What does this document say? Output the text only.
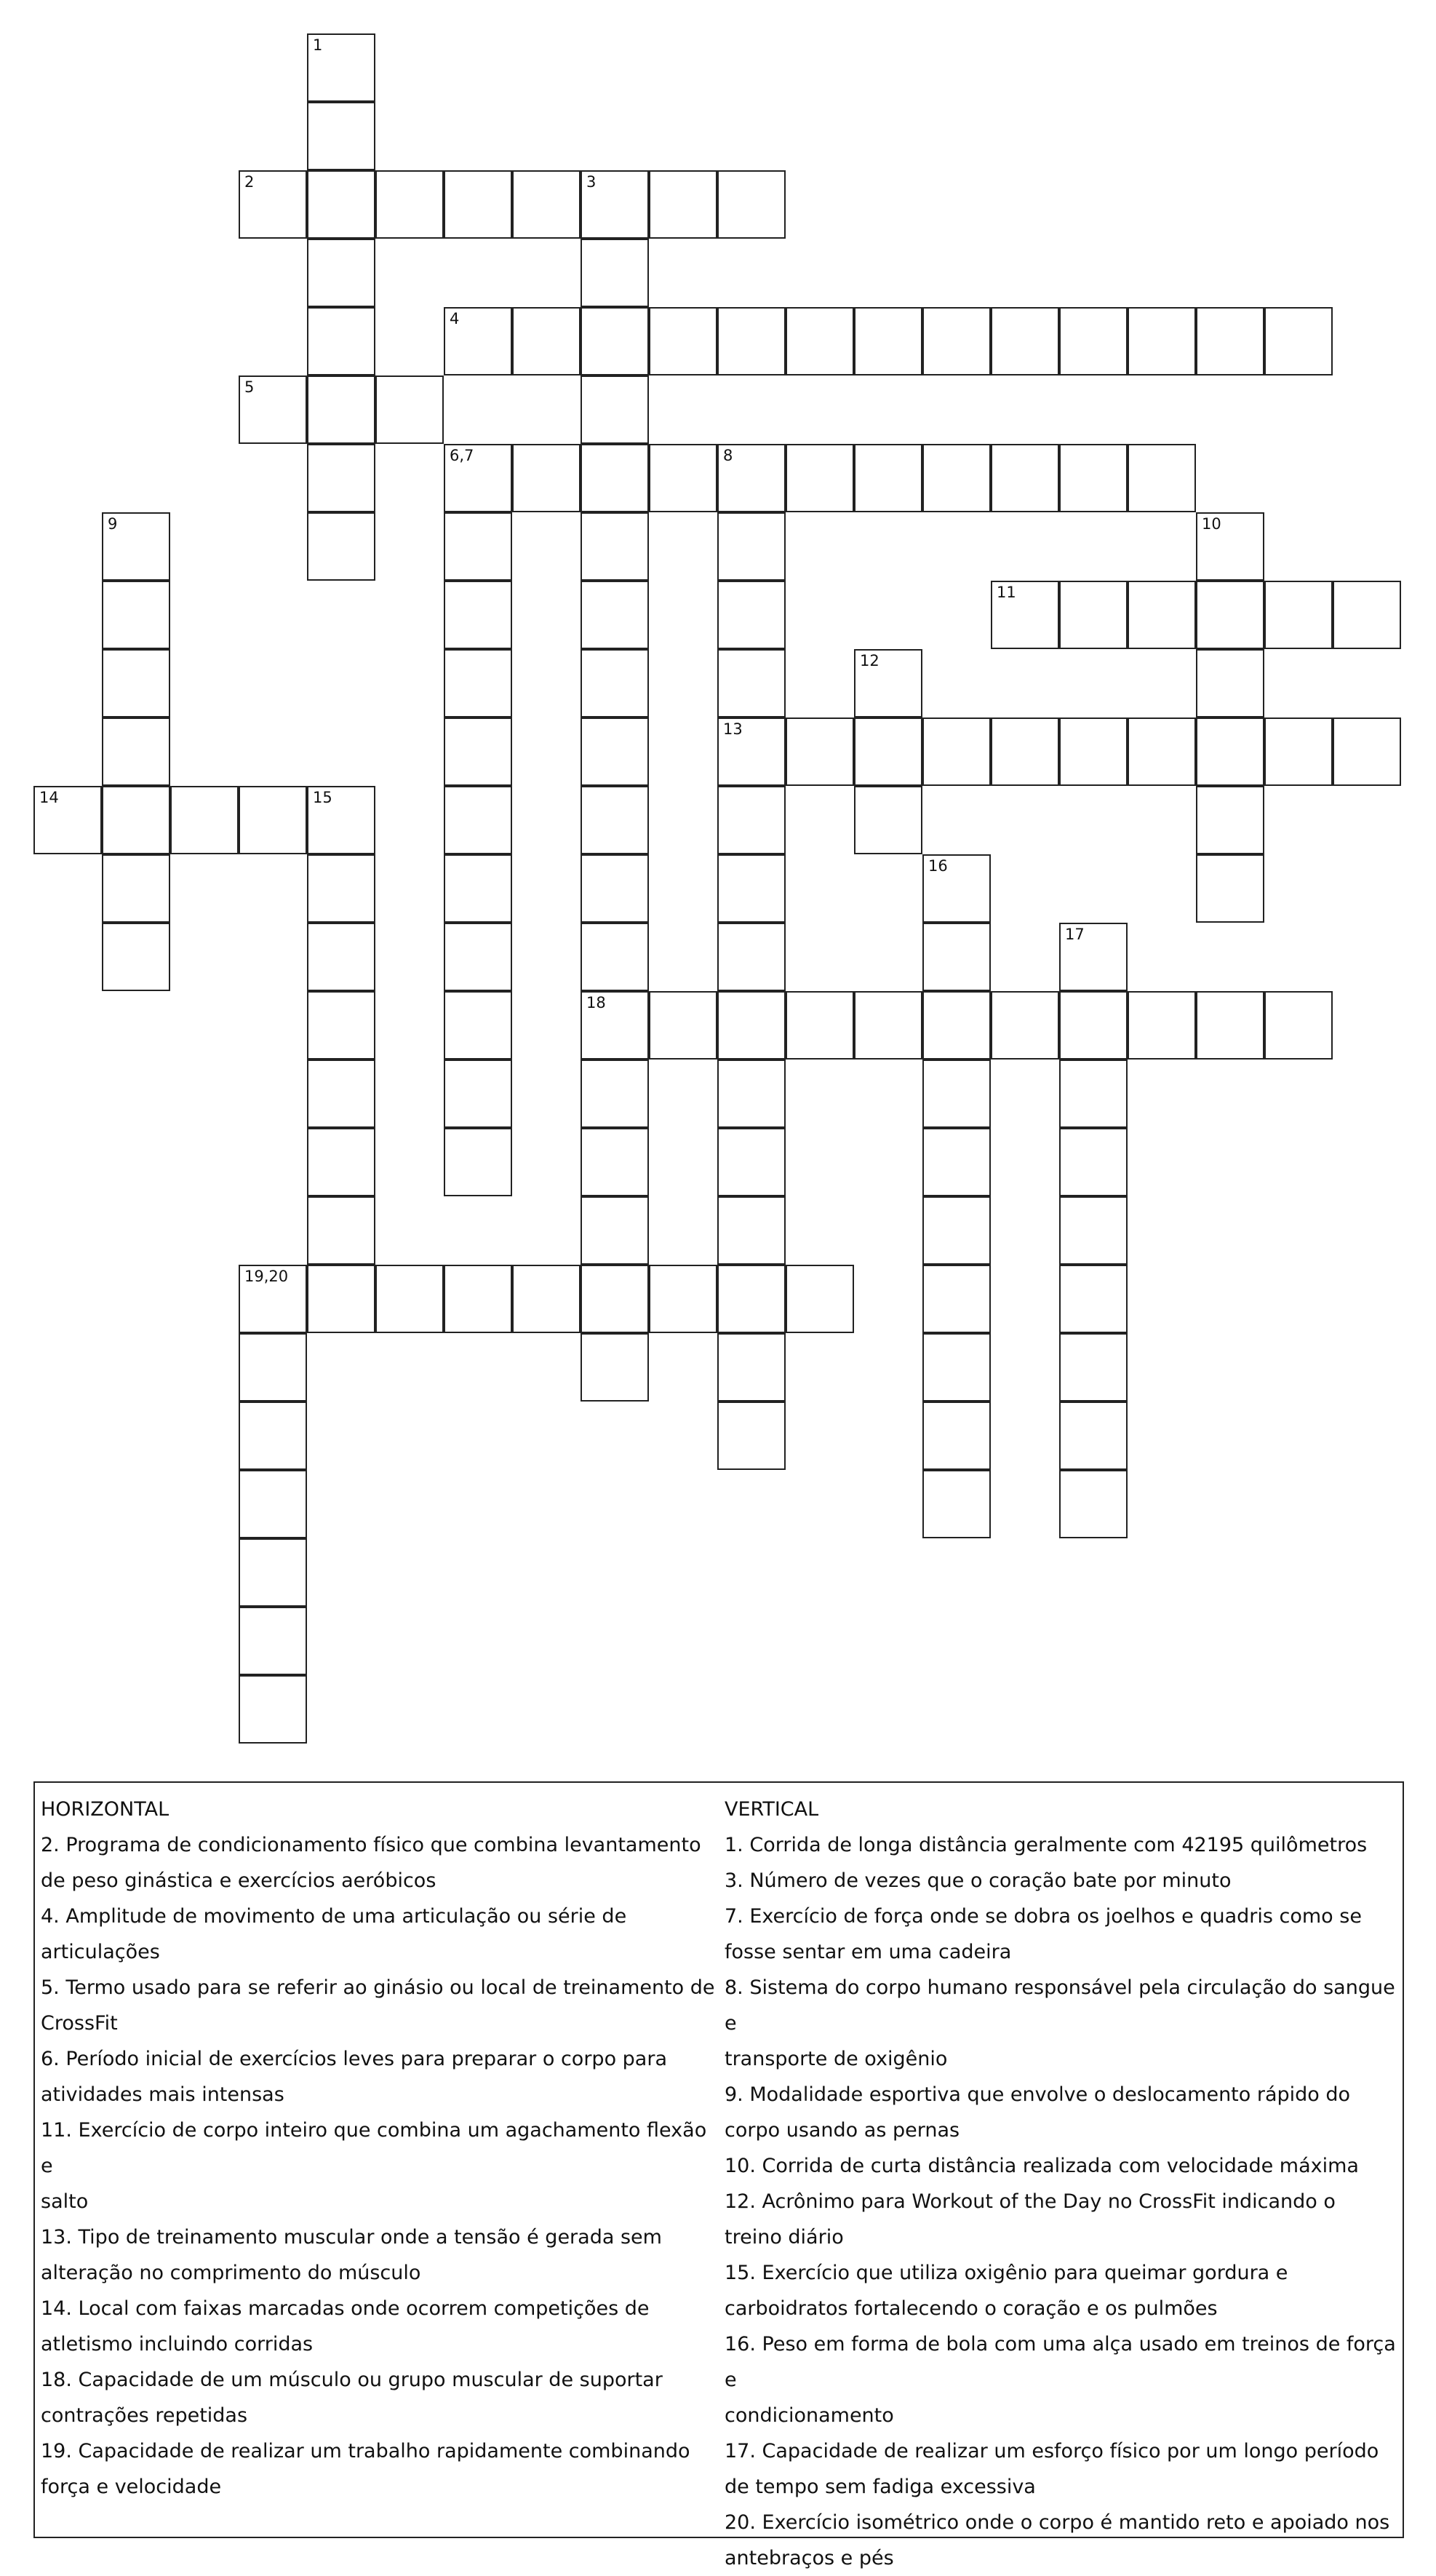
1
2	3
4
5
6,7	8
18
13
9	10
11
12
14	15
16
17
19,20
HORIZONTAL
2. Programa de condicionamento físico que combina levantamento
de peso ginástica e exercícios aeróbicos
4. Amplitude de movimento de uma articulação ou série de
articulações
5. Termo usado para se referir ao ginásio ou local de treinamento de
CrossFit
6. Período inicial de exercícios leves para preparar o corpo para
atividades mais intensas
11. Exercício de corpo inteiro que combina um agachamento flexão e
salto
13. Tipo de treinamento muscular onde a tensão é gerada sem
alteração no comprimento do músculo
14. Local com faixas marcadas onde ocorrem competições de
atletismo incluindo corridas
18. Capacidade de um músculo ou grupo muscular de suportar
contrações repetidas
19. Capacidade de realizar um trabalho rapidamente combinando
força e velocidade
VERTICAL
1. Corrida de longa distância geralmente com 42195 quilômetros
3. Número de vezes que o coração bate por minuto
7. Exercício de força onde se dobra os joelhos e quadris como se
fosse sentar em uma cadeira
8. Sistema do corpo humano responsável pela circulação do sangue e
transporte de oxigênio
9. Modalidade esportiva que envolve o deslocamento rápido do
corpo usando as pernas
10. Corrida de curta distância realizada com velocidade máxima
12. Acrônimo para Workout of the Day no CrossFit indicando o
treino diário
15. Exercício que utiliza oxigênio para queimar gordura e
carboidratos fortalecendo o coração e os pulmões
16. Peso em forma de bola com uma alça usado em treinos de força e
condicionamento
17. Capacidade de realizar um esforço físico por um longo período
de tempo sem fadiga excessiva
20. Exercício isométrico onde o corpo é mantido reto e apoiado nos
antebraços e pés
